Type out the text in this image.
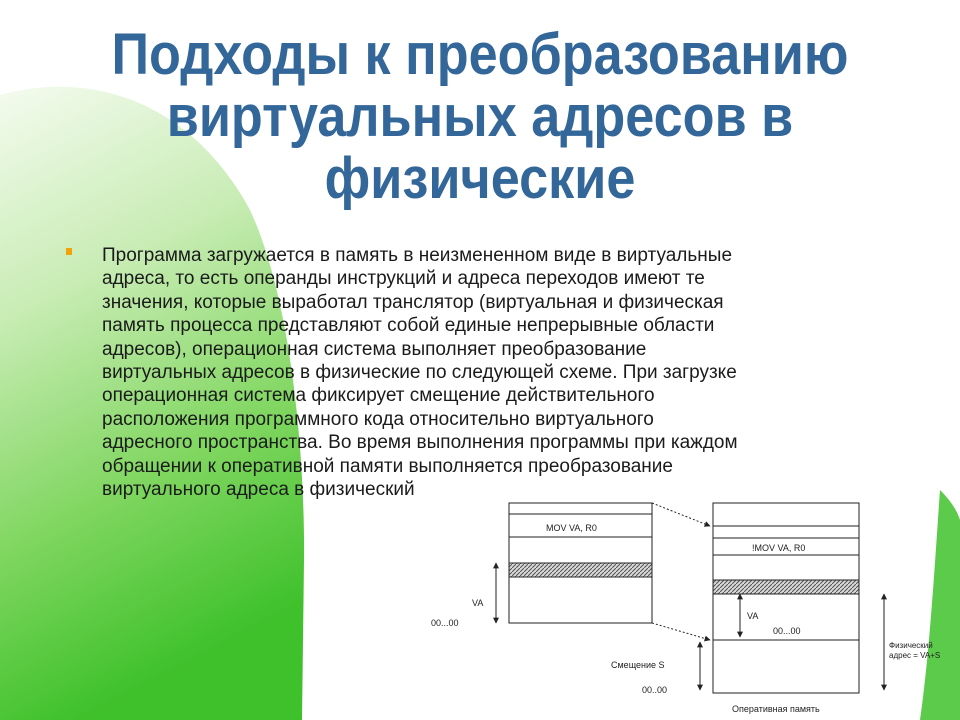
Подходы к преобразованию
виртуальных адресов в
физические
Программа загружается в память в неизмененном виде в виртуальные
адреса, то есть операнды инструкций и адреса переходов имеют те
значения, которые выработал транслятор (виртуальная и физическая
память процесса представляют собой единые непрерывные области
адресов), операционная система выполняет преобразование
виртуальных адресов в физические по следующей схеме. При загрузке
операционная система фиксирует смещение действительного
расположения программного кода относительно виртуального
адресного пространства. Во время выполнения программы при каждом
обращении к оперативной памяти выполняется преобразование
виртуального адреса в физический
MOV VA, R0
VA
00...00
!MOV VA, R0
VA
00...00
Смещение S
00..00
Физический
адрес = VA+S
Оперативная память
